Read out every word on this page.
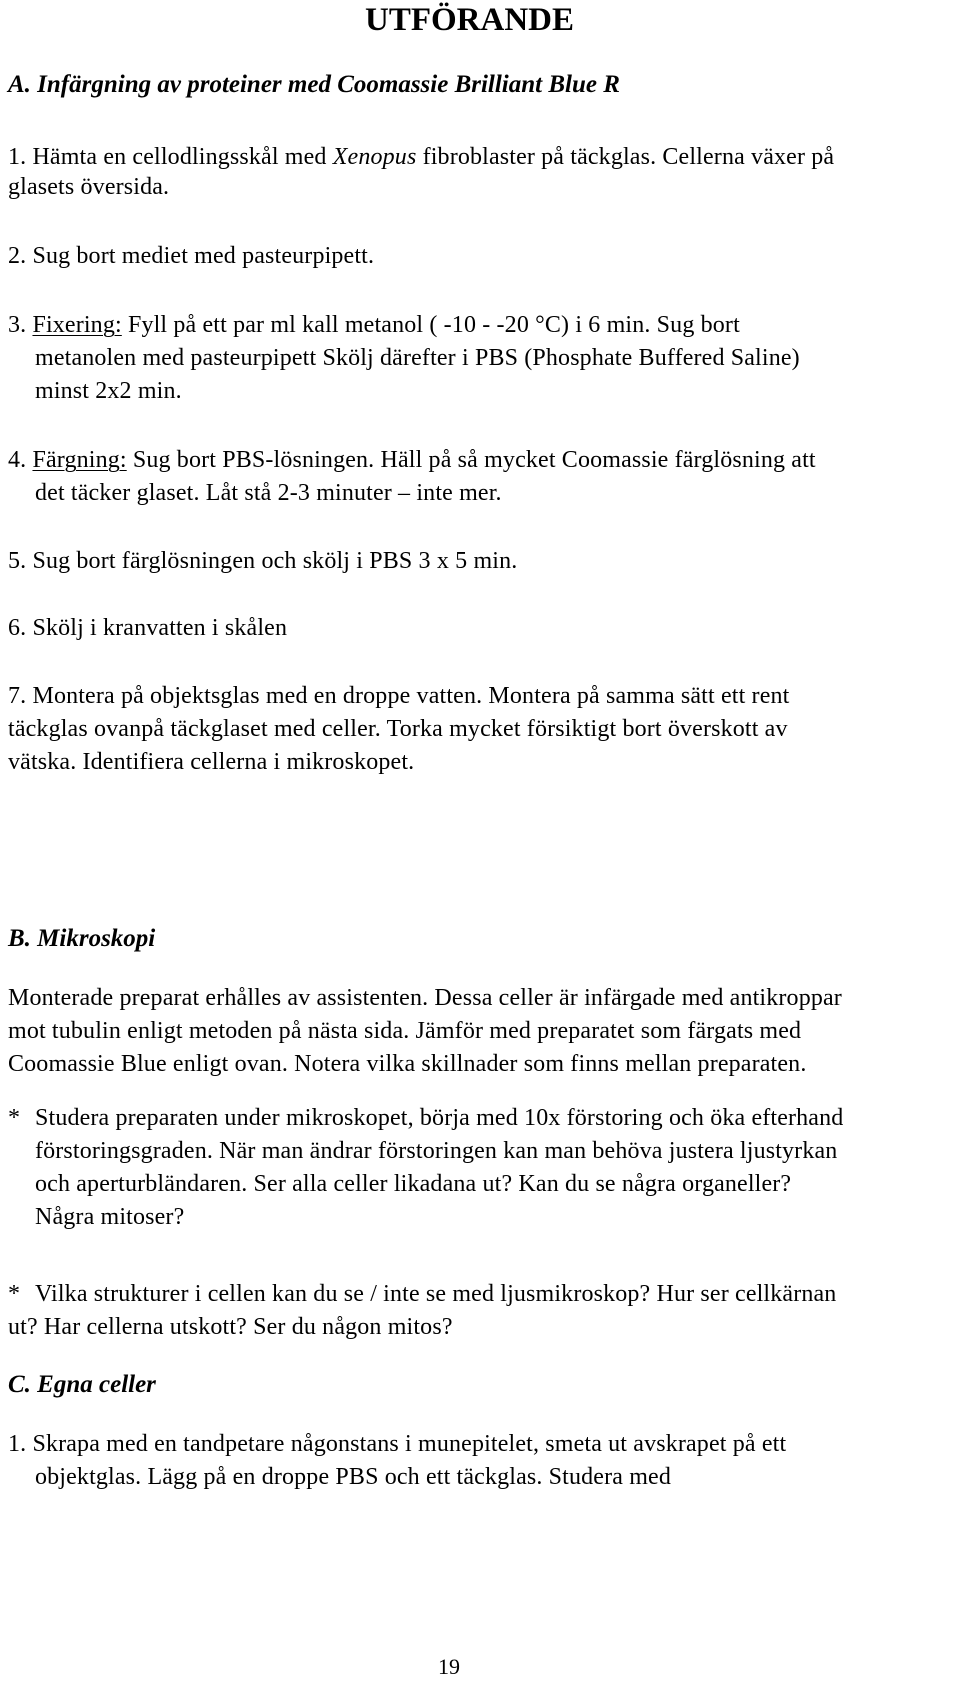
UTFÖRANDE
A. Infärgning av proteiner med Coomassie Brilliant Blue R
1. Hämta en cellodlingsskål med Xenopus fibroblaster på täckglas. Cellerna växer på
glasets översida.
2. Sug bort mediet med pasteurpipett.
3. Fixering: Fyll på ett par ml kall metanol ( -10 - -20 °C) i 6 min. Sug bort
metanolen med pasteurpipett Skölj därefter i PBS (Phosphate Buffered Saline)
minst 2x2 min.
4. Färgning: Sug bort PBS-lösningen. Häll på så mycket Coomassie färglösning att
det täcker glaset. Låt stå 2-3 minuter – inte mer.
5. Sug bort färglösningen och skölj i PBS 3 x 5 min.
6. Skölj i kranvatten i skålen
7. Montera på objektsglas med en droppe vatten. Montera på samma sätt ett rent
täckglas ovanpå täckglaset med celler. Torka mycket försiktigt bort överskott av
vätska. Identifiera cellerna i mikroskopet.
B. Mikroskopi
Monterade preparat erhålles av assistenten. Dessa celler är infärgade med antikroppar
mot tubulin enligt metoden på nästa sida. Jämför med preparatet som färgats med
Coomassie Blue enligt ovan. Notera vilka skillnader som finns mellan preparaten.
* Studera preparaten under mikroskopet, börja med 10x förstoring och öka efterhand
förstoringsgraden. När man ändrar förstoringen kan man behöva justera ljustyrkan
och aperturbländaren. Ser alla celler likadana ut? Kan du se några organeller?
Några mitoser?
* Vilka strukturer i cellen kan du se / inte se med ljusmikroskop? Hur ser cellkärnan
ut? Har cellerna utskott? Ser du någon mitos?
C. Egna celler
1. Skrapa med en tandpetare någonstans i munepitelet, smeta ut avskrapet på ett
objektglas. Lägg på en droppe PBS och ett täckglas. Studera med
19
